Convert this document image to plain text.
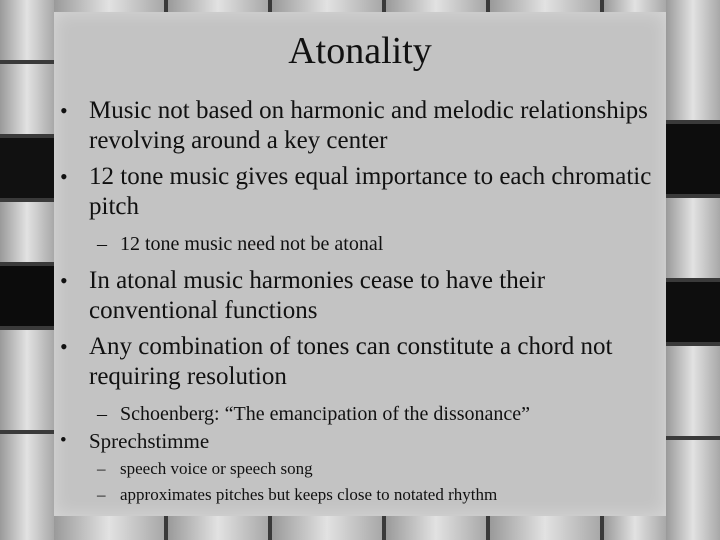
Atonality
• Music not based on harmonic and melodic relationships revolving around a key center
• 12 tone music gives equal importance to each chromatic pitch
– 12 tone music need not be atonal
• In atonal music harmonies cease to have their conventional functions
• Any combination of tones can constitute a chord not requiring resolution
– Schoenberg: “The emancipation of the dissonance”
• Sprechstimme
– speech voice or speech song
– approximates pitches but keeps close to notated rhythm
